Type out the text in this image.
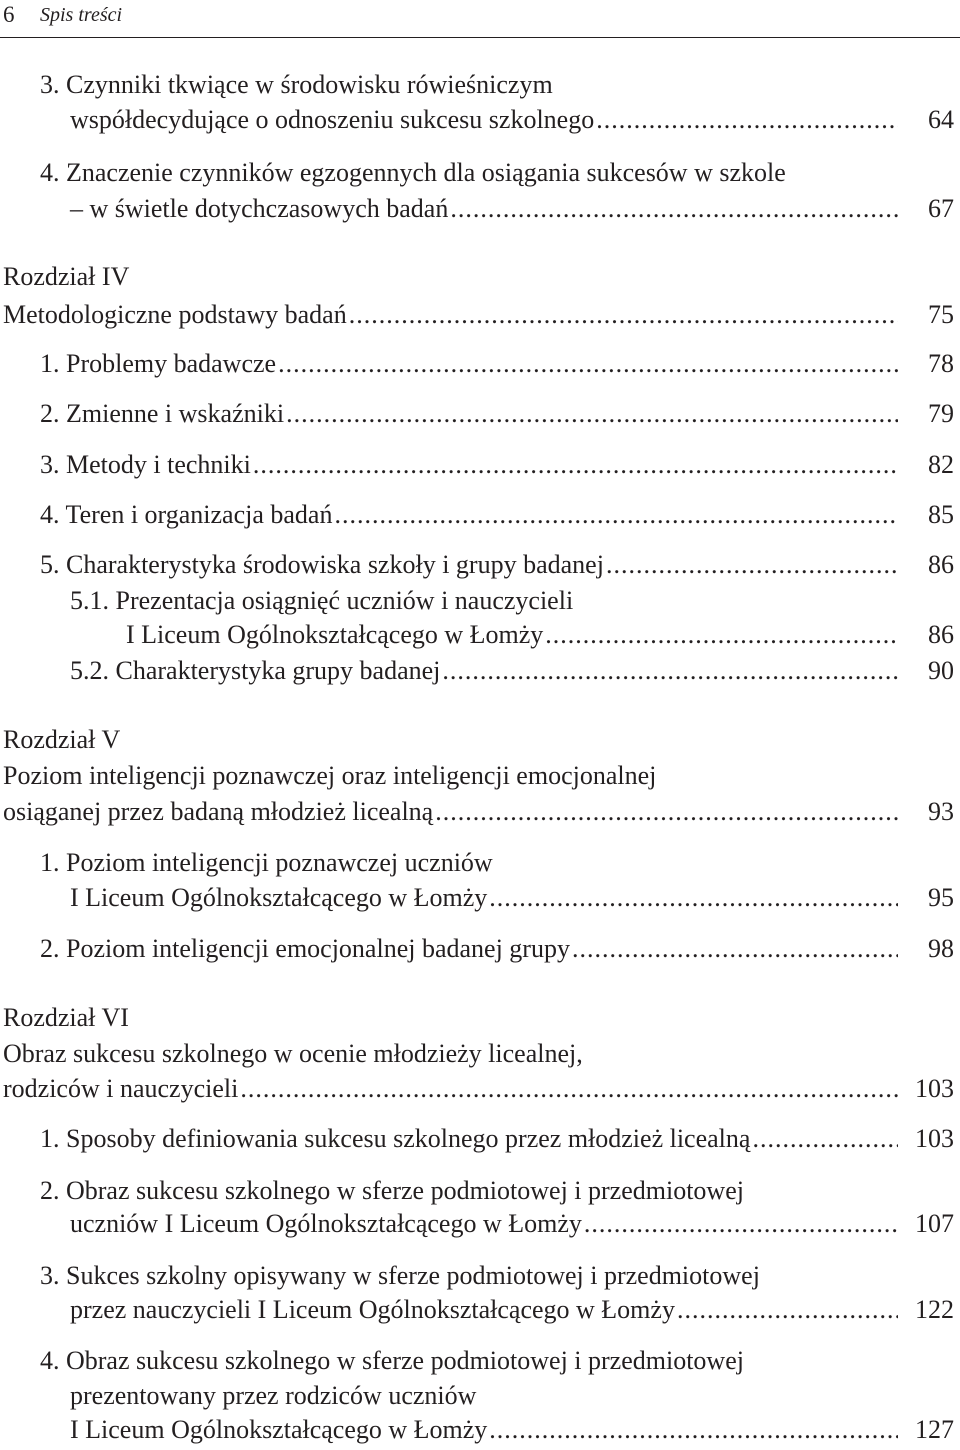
6 Spis treści
3. Czynniki tkwiące w środowisku rówieśniczym
współdecydujące o odnoszeniu sukcesu szkolnego .....	64
4. Znaczenie czynników egzogennych dla osiągania sukcesów w szkole
– w świetle dotychczasowych badań .....	67
Rozdział IV
Metodologiczne podstawy badań .....	75
1. Problemy badawcze .....	78
2. Zmienne i wskaźniki .....	79
3. Metody i techniki .....	82
4. Teren i organizacja badań .....	85
5. Charakterystyka środowiska szkoły i grupy badanej .....	86
5.1. Prezentacja osiągnięć uczniów i nauczycieli
I Liceum Ogólnokształcącego w Łomży .....	86
5.2. Charakterystyka grupy badanej .....	90
Rozdział V
Poziom inteligencji poznawczej oraz inteligencji emocjonalnej
osiąganej przez badaną młodzież licealną .....	93
1. Poziom inteligencji poznawczej uczniów
I Liceum Ogólnokształcącego w Łomży .....	95
2. Poziom inteligencji emocjonalnej badanej grupy .....	98
Rozdział VI
Obraz sukcesu szkolnego w ocenie młodzieży licealnej,
rodziców i nauczycieli .....	103
1. Sposoby definiowania sukcesu szkolnego przez młodzież licealną .....	103
2. Obraz sukcesu szkolnego w sferze podmiotowej i przedmiotowej
uczniów I Liceum Ogólnokształcącego w Łomży .....	107
3. Sukces szkolny opisywany w sferze podmiotowej i przedmiotowej
przez nauczycieli I Liceum Ogólnokształcącego w Łomży .....	122
4. Obraz sukcesu szkolnego w sferze podmiotowej i przedmiotowej
prezentowany przez rodziców uczniów
I Liceum Ogólnokształcącego w Łomży .....	127
